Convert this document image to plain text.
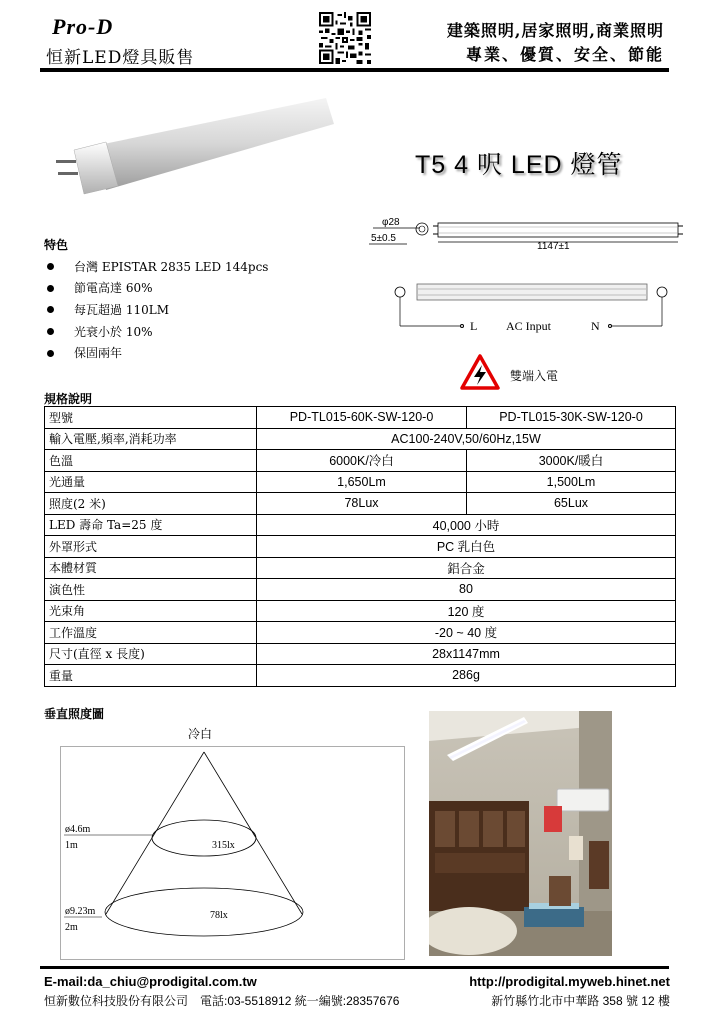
Pro-D
恒新LED燈具販售
建築照明,居家照明,商業照明
專業、優質、安全、節能
T5 4 呎 LED 燈管
φ28
5±0.5
1147±1
L AC Input	N
雙端入電
特色
台灣 EPISTAR 2835 LED 144pcs
節電高達 60%
每瓦超過 110LM
光衰小於 10%
保固兩年
規格說明
型號	PD-TL015-60K-SW-120-0	PD-TL015-30K-SW-120-0
輸入電壓,頻率,消耗功率	AC100-240V,50/60Hz,15W	
色溫	6000K/冷白	3000K/暖白
光通量	1,650Lm	1,500Lm
照度(2 米)	78Lux	65Lux
LED 壽命 Ta=25 度	40,000 小時	
外罩形式	PC 乳白色	
本體材質	鋁合金	
演色性	80	
光束角	120 度	
工作溫度	-20 ~ 40 度	
尺寸(直徑 x 長度)	28x1147mm	
重量	286g	
垂直照度圖
冷白
ø4.6m
1m	315lx
ø9.23m
2m
78lx
E-mail:da_chiu@prodigital.com.tw	http://prodigital.myweb.hinet.net
恒新數位科技股份有限公司　電話:03-5518912 統一編號:28357676	新竹縣竹北市中華路 358 號 12 樓
